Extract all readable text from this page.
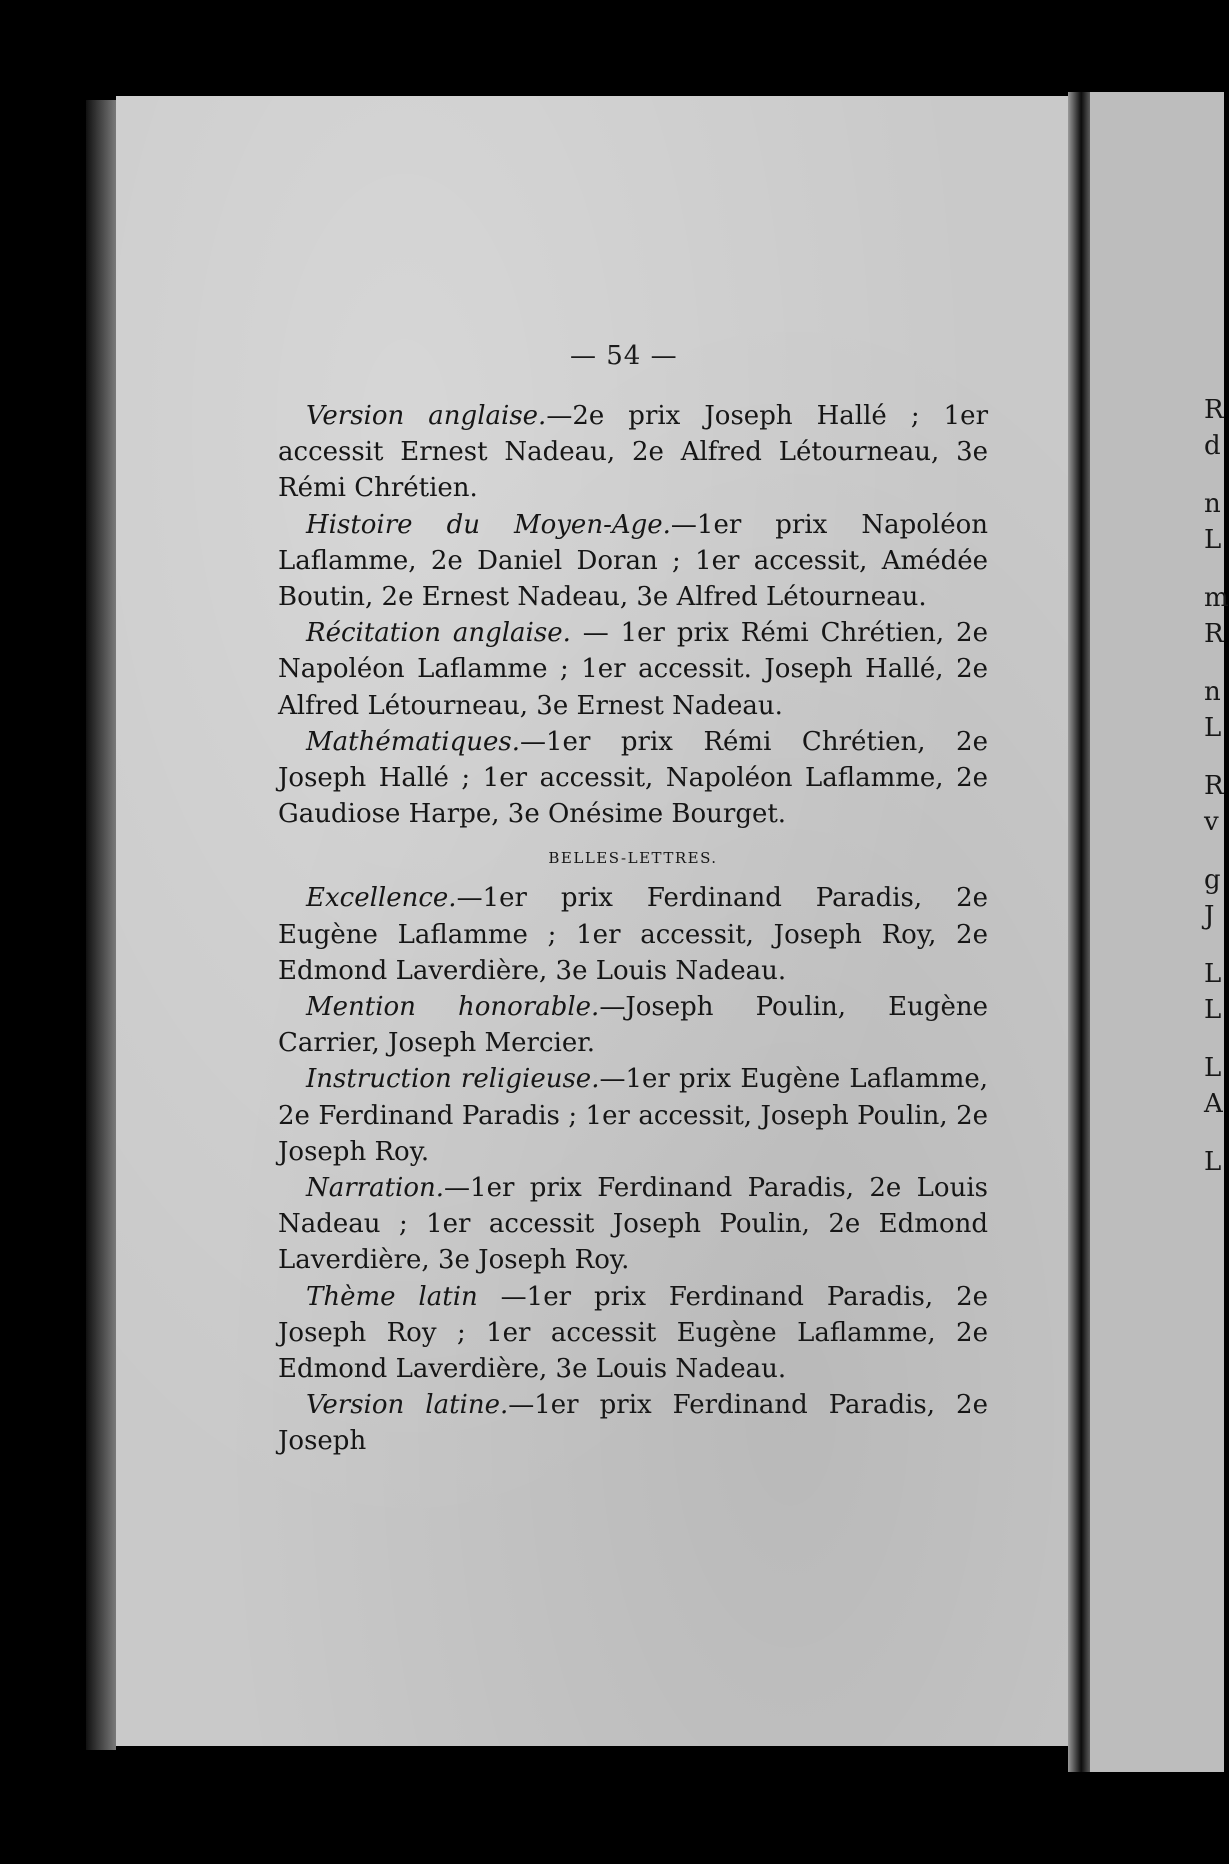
— 54 —

Version anglaise.—2e prix Joseph Hallé ; 1er accessit Ernest Nadeau, 2e Alfred Létourneau, 3e Rémi Chrétien.

Histoire du Moyen-Age.—1er prix Napoléon Laflamme, 2e Daniel Doran ; 1er accessit, Amédée Boutin, 2e Ernest Nadeau, 3e Alfred Létourneau.

Récitation anglaise. — 1er prix Rémi Chrétien, 2e Napoléon Laflamme ; 1er accessit. Joseph Hallé, 2e Alfred Létourneau, 3e Ernest Nadeau.

Mathématiques.—1er prix Rémi Chrétien, 2e Joseph Hallé ; 1er accessit, Napoléon Laflamme, 2e Gaudiose Harpe, 3e Onésime Bourget.

BELLES-LETTRES.

Excellence.—1er prix Ferdinand Paradis, 2e Eugène Laflamme ; 1er accessit, Joseph Roy, 2e Edmond Laverdière, 3e Louis Nadeau.

Mention honorable.—Joseph Poulin, Eugène Carrier, Joseph Mercier.

Instruction religieuse.—1er prix Eugène Laflamme, 2e Ferdinand Paradis ; 1er accessit, Joseph Poulin, 2e Joseph Roy.

Narration.—1er prix Ferdinand Paradis, 2e Louis Nadeau ; 1er accessit Joseph Poulin, 2e Edmond Laverdière, 3e Joseph Roy.

Thème latin —1er prix Ferdinand Paradis, 2e Joseph Roy ; 1er accessit Eugène Laflamme, 2e Edmond Laverdière, 3e Louis Nadeau.

Version latine.—1er prix Ferdinand Paradis, 2e Joseph

R
d
n
L
m
R
n
L
R
v
g
J
L
L
L
A
L
